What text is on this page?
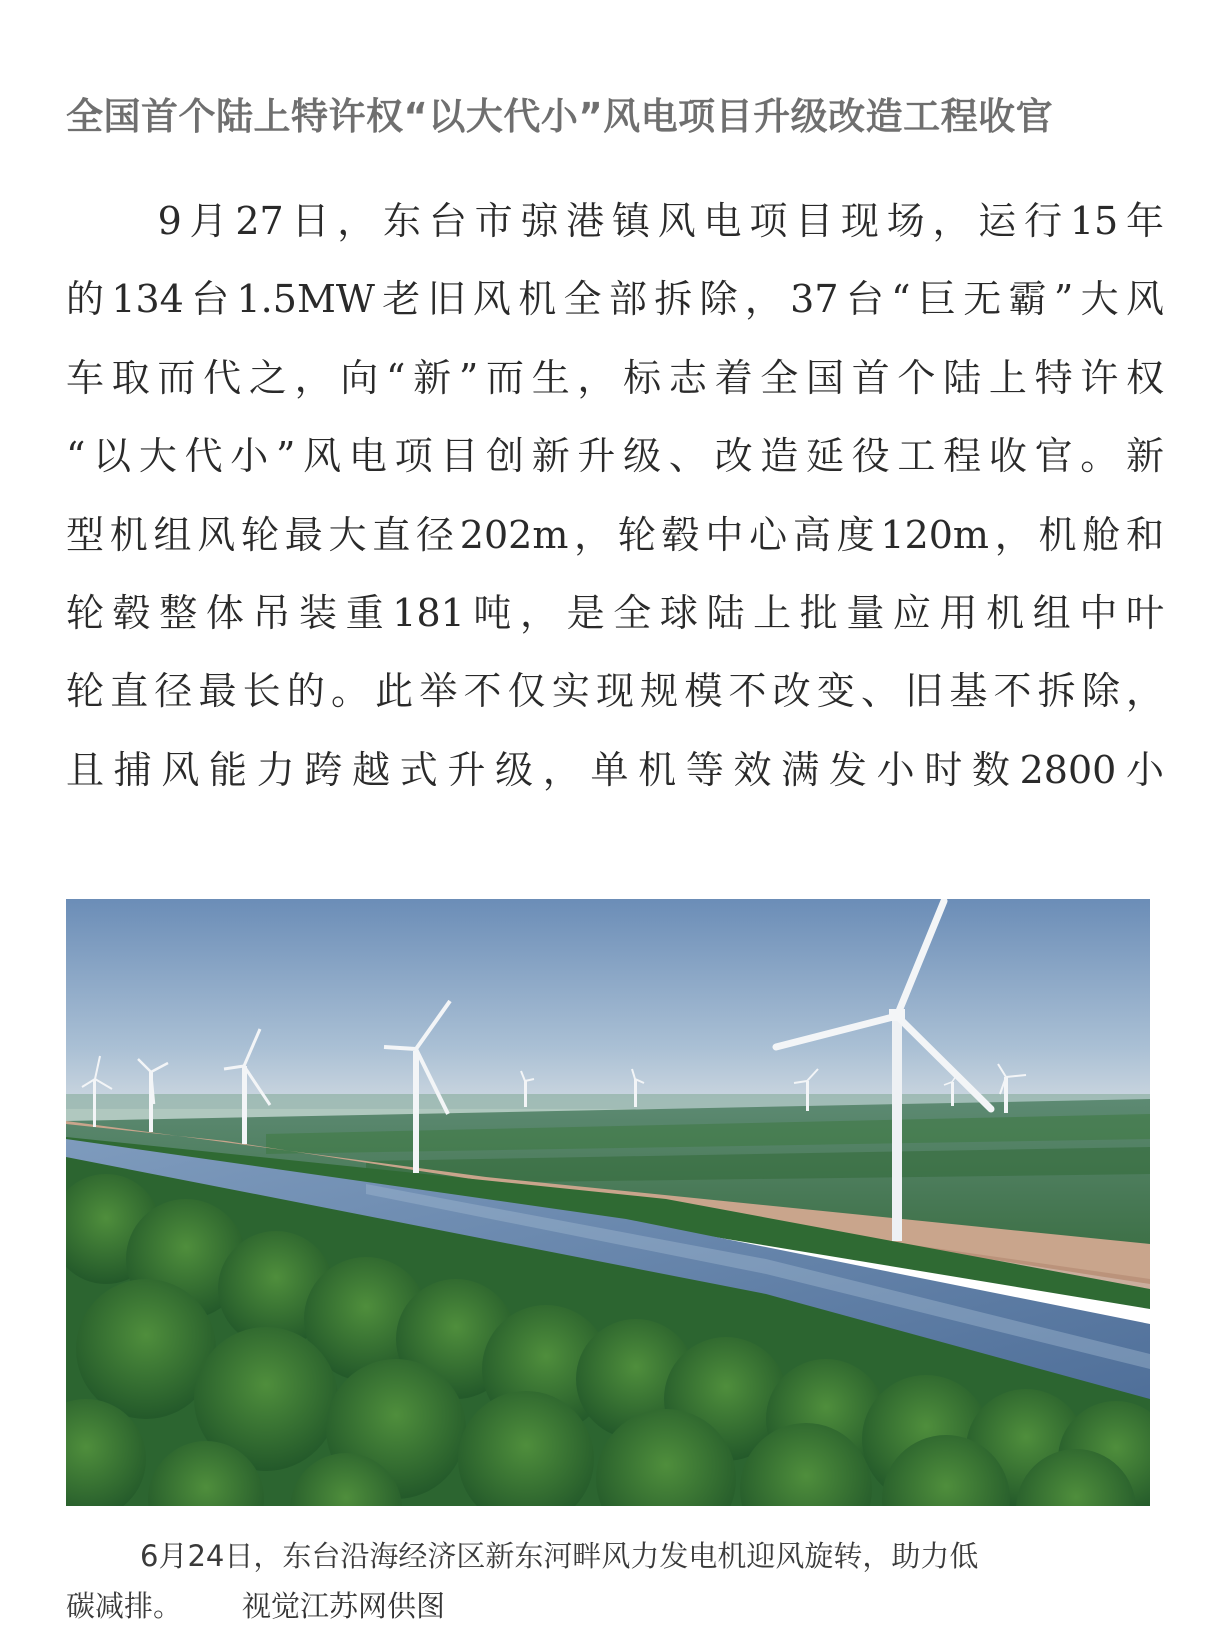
全国首个陆上特许权“以大代小”风电项目升级改造工程收官
　　9月27日，东台市弶港镇风电项目现场，运行15年
的134台1.5MW老旧风机全部拆除，37台“巨无霸”大风
车取而代之，向“新”而生，标志着全国首个陆上特许权
“以大代小”风电项目创新升级、改造延役工程收官。新
型机组风轮最大直径202m，轮毂中心高度120m，机舱和
轮毂整体吊装重181吨，是全球陆上批量应用机组中叶
轮直径最长的。此举不仅实现规模不改变、旧基不拆除，
且捕风能力跨越式升级，单机等效满发小时数2800小
6月24日，东台沿海经济区新东河畔风力发电机迎风旋转，助力低
碳减排。 视觉江苏网供图
